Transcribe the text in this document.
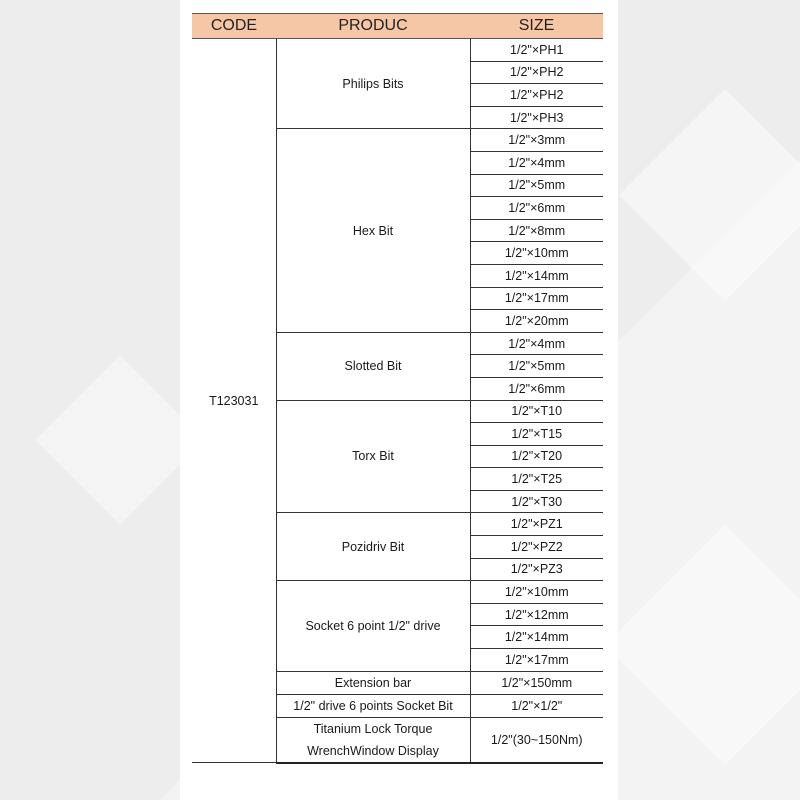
CODE	PRODUC	SIZE
T123031	Philips Bits	1/2"×PH1
		1/2"×PH2
		1/2"×PH2
		1/2"×PH3
	Hex Bit	1/2"×3mm
		1/2"×4mm
		1/2"×5mm
		1/2"×6mm
		1/2"×8mm
		1/2"×10mm
		1/2"×14mm
		1/2"×17mm
		1/2"×20mm
	Slotted Bit	1/2"×4mm
		1/2"×5mm
		1/2"×6mm
	Torx Bit	1/2"×T10
		1/2"×T15
		1/2"×T20
		1/2"×T25
		1/2"×T30
	Pozidriv Bit	1/2"×PZ1
		1/2"×PZ2
		1/2"×PZ3
	Socket 6 point 1/2" drive	1/2"×10mm
		1/2"×12mm
		1/2"×14mm
		1/2"×17mm
	Extension bar	1/2"×150mm
	1/2" drive 6 points Socket Bit	1/2"×1/2"
	Titanium Lock Torque WrenchWindow Display	1/2"(30~150Nm)
